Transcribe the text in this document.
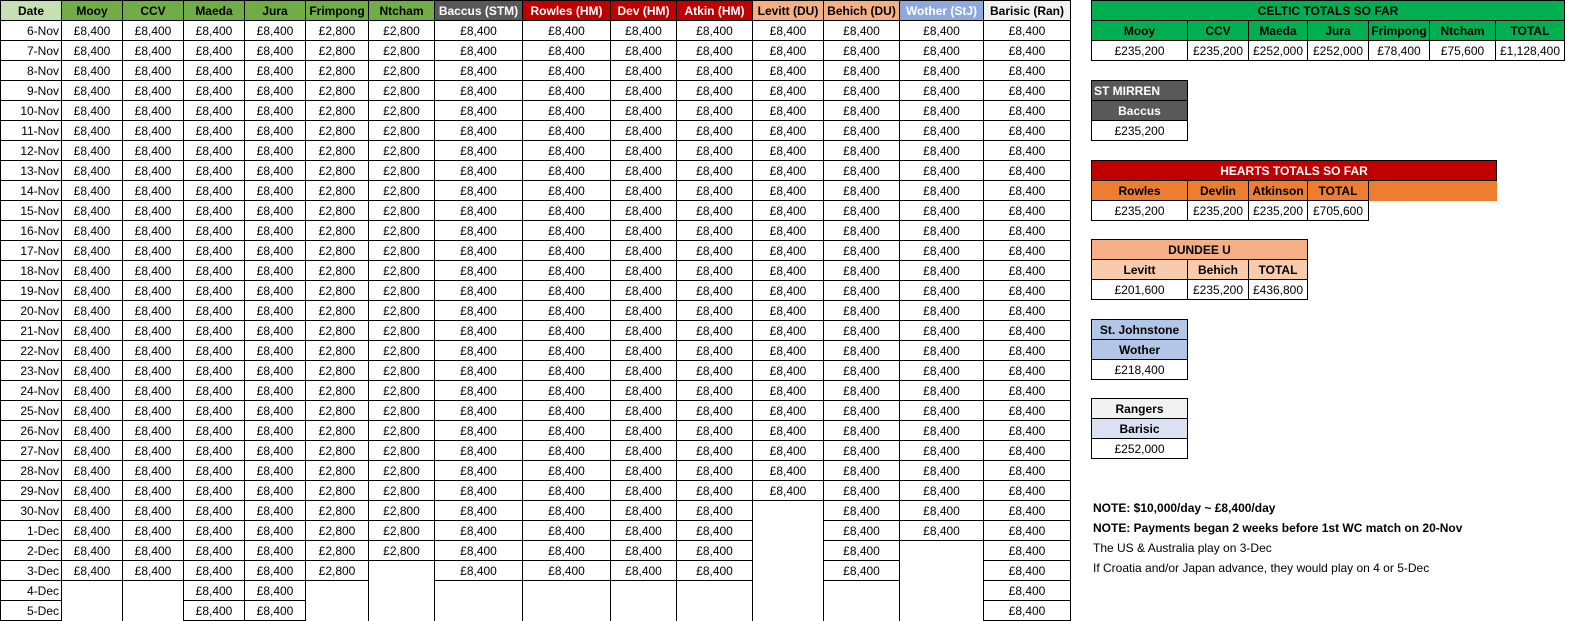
Date	Mooy	CCV	Maeda	Jura	Frimpong	Ntcham	Baccus (STM)	Rowles (HM)	Dev (HM)	Atkin (HM)	Levitt (DU)	Behich (DU)	Wother (StJ)	Barisic (Ran)
6-Nov	£8,400	£8,400	£8,400	£8,400	£2,800	£2,800	£8,400	£8,400	£8,400	£8,400	£8,400	£8,400	£8,400	£8,400
7-Nov	£8,400	£8,400	£8,400	£8,400	£2,800	£2,800	£8,400	£8,400	£8,400	£8,400	£8,400	£8,400	£8,400	£8,400
8-Nov	£8,400	£8,400	£8,400	£8,400	£2,800	£2,800	£8,400	£8,400	£8,400	£8,400	£8,400	£8,400	£8,400	£8,400
9-Nov	£8,400	£8,400	£8,400	£8,400	£2,800	£2,800	£8,400	£8,400	£8,400	£8,400	£8,400	£8,400	£8,400	£8,400
10-Nov	£8,400	£8,400	£8,400	£8,400	£2,800	£2,800	£8,400	£8,400	£8,400	£8,400	£8,400	£8,400	£8,400	£8,400
11-Nov	£8,400	£8,400	£8,400	£8,400	£2,800	£2,800	£8,400	£8,400	£8,400	£8,400	£8,400	£8,400	£8,400	£8,400
12-Nov	£8,400	£8,400	£8,400	£8,400	£2,800	£2,800	£8,400	£8,400	£8,400	£8,400	£8,400	£8,400	£8,400	£8,400
13-Nov	£8,400	£8,400	£8,400	£8,400	£2,800	£2,800	£8,400	£8,400	£8,400	£8,400	£8,400	£8,400	£8,400	£8,400
14-Nov	£8,400	£8,400	£8,400	£8,400	£2,800	£2,800	£8,400	£8,400	£8,400	£8,400	£8,400	£8,400	£8,400	£8,400
15-Nov	£8,400	£8,400	£8,400	£8,400	£2,800	£2,800	£8,400	£8,400	£8,400	£8,400	£8,400	£8,400	£8,400	£8,400
16-Nov	£8,400	£8,400	£8,400	£8,400	£2,800	£2,800	£8,400	£8,400	£8,400	£8,400	£8,400	£8,400	£8,400	£8,400
17-Nov	£8,400	£8,400	£8,400	£8,400	£2,800	£2,800	£8,400	£8,400	£8,400	£8,400	£8,400	£8,400	£8,400	£8,400
18-Nov	£8,400	£8,400	£8,400	£8,400	£2,800	£2,800	£8,400	£8,400	£8,400	£8,400	£8,400	£8,400	£8,400	£8,400
19-Nov	£8,400	£8,400	£8,400	£8,400	£2,800	£2,800	£8,400	£8,400	£8,400	£8,400	£8,400	£8,400	£8,400	£8,400
20-Nov	£8,400	£8,400	£8,400	£8,400	£2,800	£2,800	£8,400	£8,400	£8,400	£8,400	£8,400	£8,400	£8,400	£8,400
21-Nov	£8,400	£8,400	£8,400	£8,400	£2,800	£2,800	£8,400	£8,400	£8,400	£8,400	£8,400	£8,400	£8,400	£8,400
22-Nov	£8,400	£8,400	£8,400	£8,400	£2,800	£2,800	£8,400	£8,400	£8,400	£8,400	£8,400	£8,400	£8,400	£8,400
23-Nov	£8,400	£8,400	£8,400	£8,400	£2,800	£2,800	£8,400	£8,400	£8,400	£8,400	£8,400	£8,400	£8,400	£8,400
24-Nov	£8,400	£8,400	£8,400	£8,400	£2,800	£2,800	£8,400	£8,400	£8,400	£8,400	£8,400	£8,400	£8,400	£8,400
25-Nov	£8,400	£8,400	£8,400	£8,400	£2,800	£2,800	£8,400	£8,400	£8,400	£8,400	£8,400	£8,400	£8,400	£8,400
26-Nov	£8,400	£8,400	£8,400	£8,400	£2,800	£2,800	£8,400	£8,400	£8,400	£8,400	£8,400	£8,400	£8,400	£8,400
27-Nov	£8,400	£8,400	£8,400	£8,400	£2,800	£2,800	£8,400	£8,400	£8,400	£8,400	£8,400	£8,400	£8,400	£8,400
28-Nov	£8,400	£8,400	£8,400	£8,400	£2,800	£2,800	£8,400	£8,400	£8,400	£8,400	£8,400	£8,400	£8,400	£8,400
29-Nov	£8,400	£8,400	£8,400	£8,400	£2,800	£2,800	£8,400	£8,400	£8,400	£8,400	£8,400	£8,400	£8,400	£8,400
30-Nov	£8,400	£8,400	£8,400	£8,400	£2,800	£2,800	£8,400	£8,400	£8,400	£8,400		£8,400	£8,400	£8,400
1-Dec	£8,400	£8,400	£8,400	£8,400	£2,800	£2,800	£8,400	£8,400	£8,400	£8,400		£8,400	£8,400	£8,400
2-Dec	£8,400	£8,400	£8,400	£8,400	£2,800	£2,800	£8,400	£8,400	£8,400	£8,400		£8,400		£8,400
3-Dec	£8,400	£8,400	£8,400	£8,400	£2,800		£8,400	£8,400	£8,400	£8,400		£8,400		£8,400
4-Dec			£8,400	£8,400										£8,400
5-Dec			£8,400	£8,400										£8,400
CELTIC TOTALS SO FAR						
Mooy	CCV	Maeda	Jura	Frimpong	Ntcham	TOTAL
£235,200	£235,200	£252,000	£252,000	£78,400	£75,600	£1,128,400
ST MIRREN
Baccus
£235,200
HEARTS TOTALS SO FAR				
Rowles	Devlin	Atkinson	TOTAL	
£235,200	£235,200	£235,200	£705,600	
DUNDEE U		
Levitt	Behich	TOTAL
£201,600	£235,200	£436,800
St. Johnstone
Wother
£218,400
Rangers
Barisic
£252,000
NOTE: $10,000/day ~ £8,400/day
NOTE: Payments began 2 weeks before 1st WC match on 20-Nov
The US & Australia play on 3-Dec
If Croatia and/or Japan advance, they would play on 4 or 5-Dec
